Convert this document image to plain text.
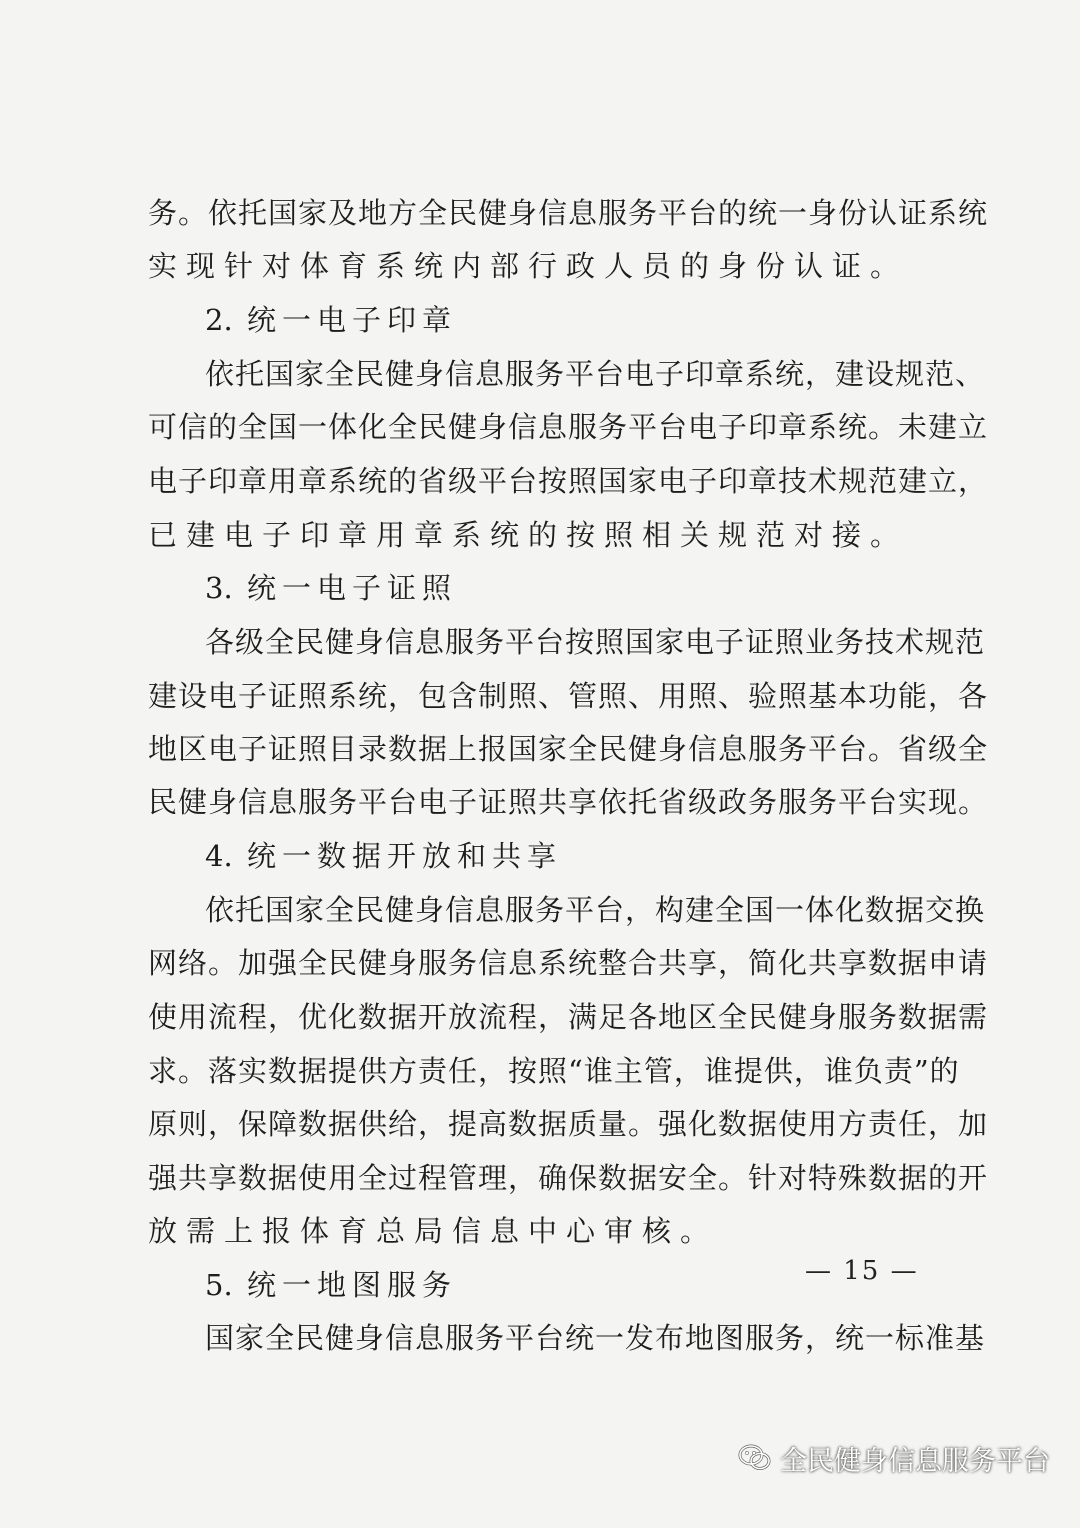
务。依托国家及地方全民健身信息服务平台的统一身份认证系统
实现针对体育系统内部行政人员的身份认证。
2. 统一电子印章
依托国家全民健身信息服务平台电子印章系统，建设规范、
可信的全国一体化全民健身信息服务平台电子印章系统。未建立
电子印章用章系统的省级平台按照国家电子印章技术规范建立，
已建电子印章用章系统的按照相关规范对接。
3. 统一电子证照
各级全民健身信息服务平台按照国家电子证照业务技术规范
建设电子证照系统，包含制照、管照、用照、验照基本功能，各
地区电子证照目录数据上报国家全民健身信息服务平台。省级全
民健身信息服务平台电子证照共享依托省级政务服务平台实现。
4. 统一数据开放和共享
依托国家全民健身信息服务平台，构建全国一体化数据交换
网络。加强全民健身服务信息系统整合共享，简化共享数据申请
使用流程，优化数据开放流程，满足各地区全民健身服务数据需
求。落实数据提供方责任，按照“谁主管，谁提供，谁负责”的
原则，保障数据供给，提高数据质量。强化数据使用方责任，加
强共享数据使用全过程管理，确保数据安全。针对特殊数据的开
放需上报体育总局信息中心审核。
5. 统一地图服务
国家全民健身信息服务平台统一发布地图服务，统一标准基
— 15 —
全民健身信息服务平台
